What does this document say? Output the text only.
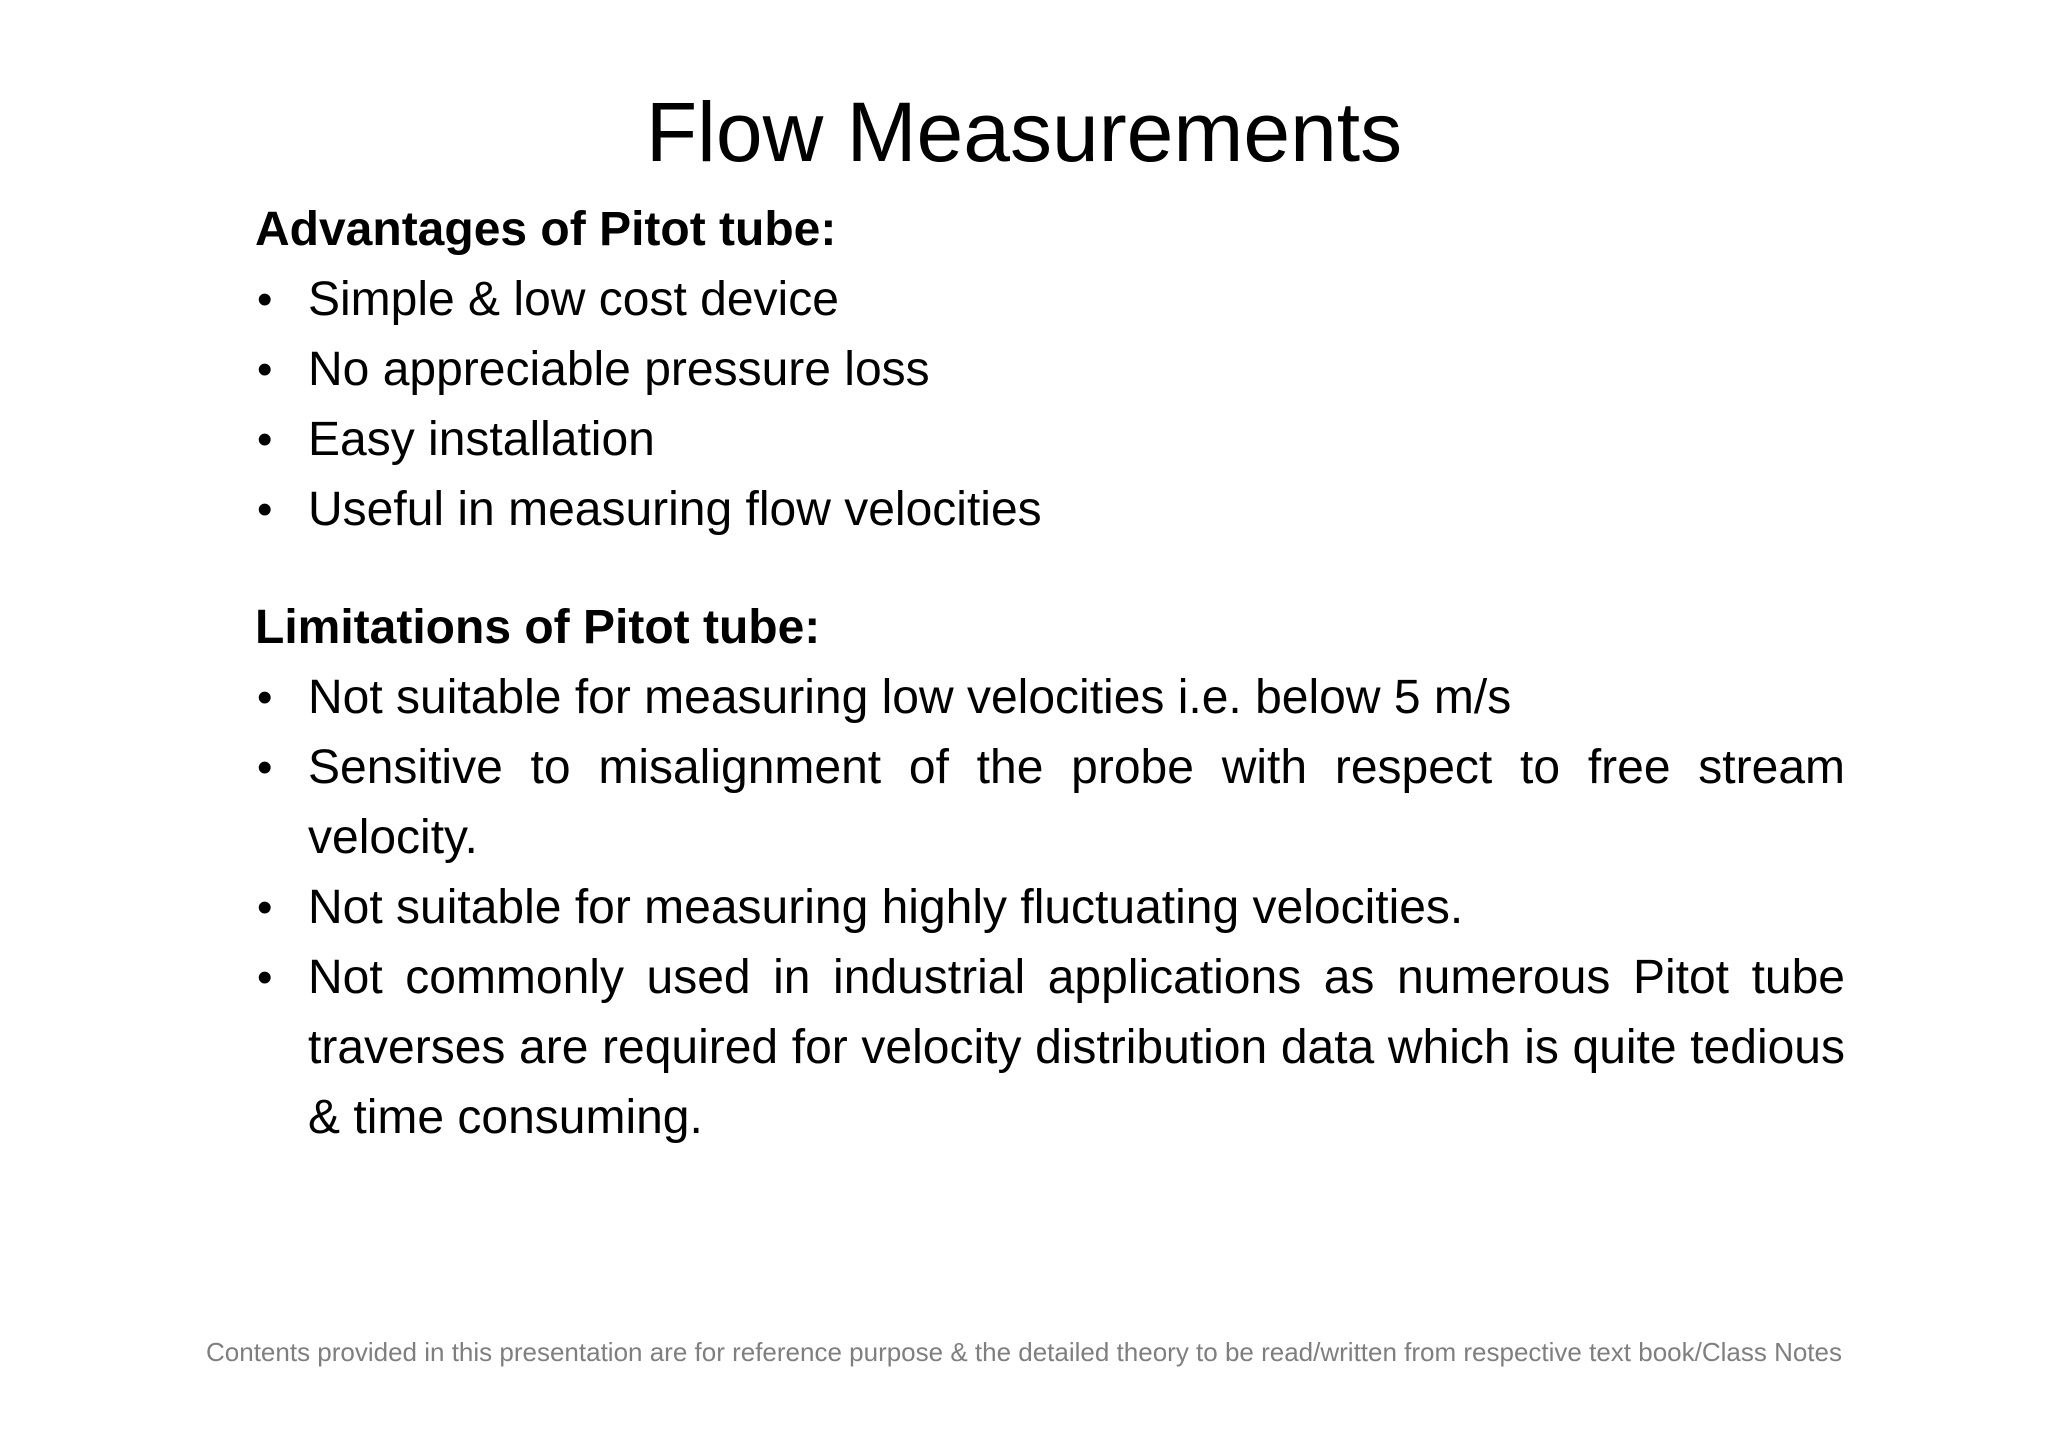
Flow Measurements
Advantages of Pitot tube:
• Simple & low cost device
• No appreciable pressure loss
• Easy installation
• Useful in measuring flow velocities
Limitations of Pitot tube:
• Not suitable for measuring low velocities i.e. below 5 m/s
• Sensitive to misalignment of the probe with respect to free stream velocity.
• Not suitable for measuring highly fluctuating velocities.
• Not commonly used in industrial applications as numerous Pitot tube traverses are required for velocity distribution data which is quite tedious & time consuming.
Contents provided in this presentation are for reference purpose & the detailed theory to be read/written from respective text book/Class Notes
